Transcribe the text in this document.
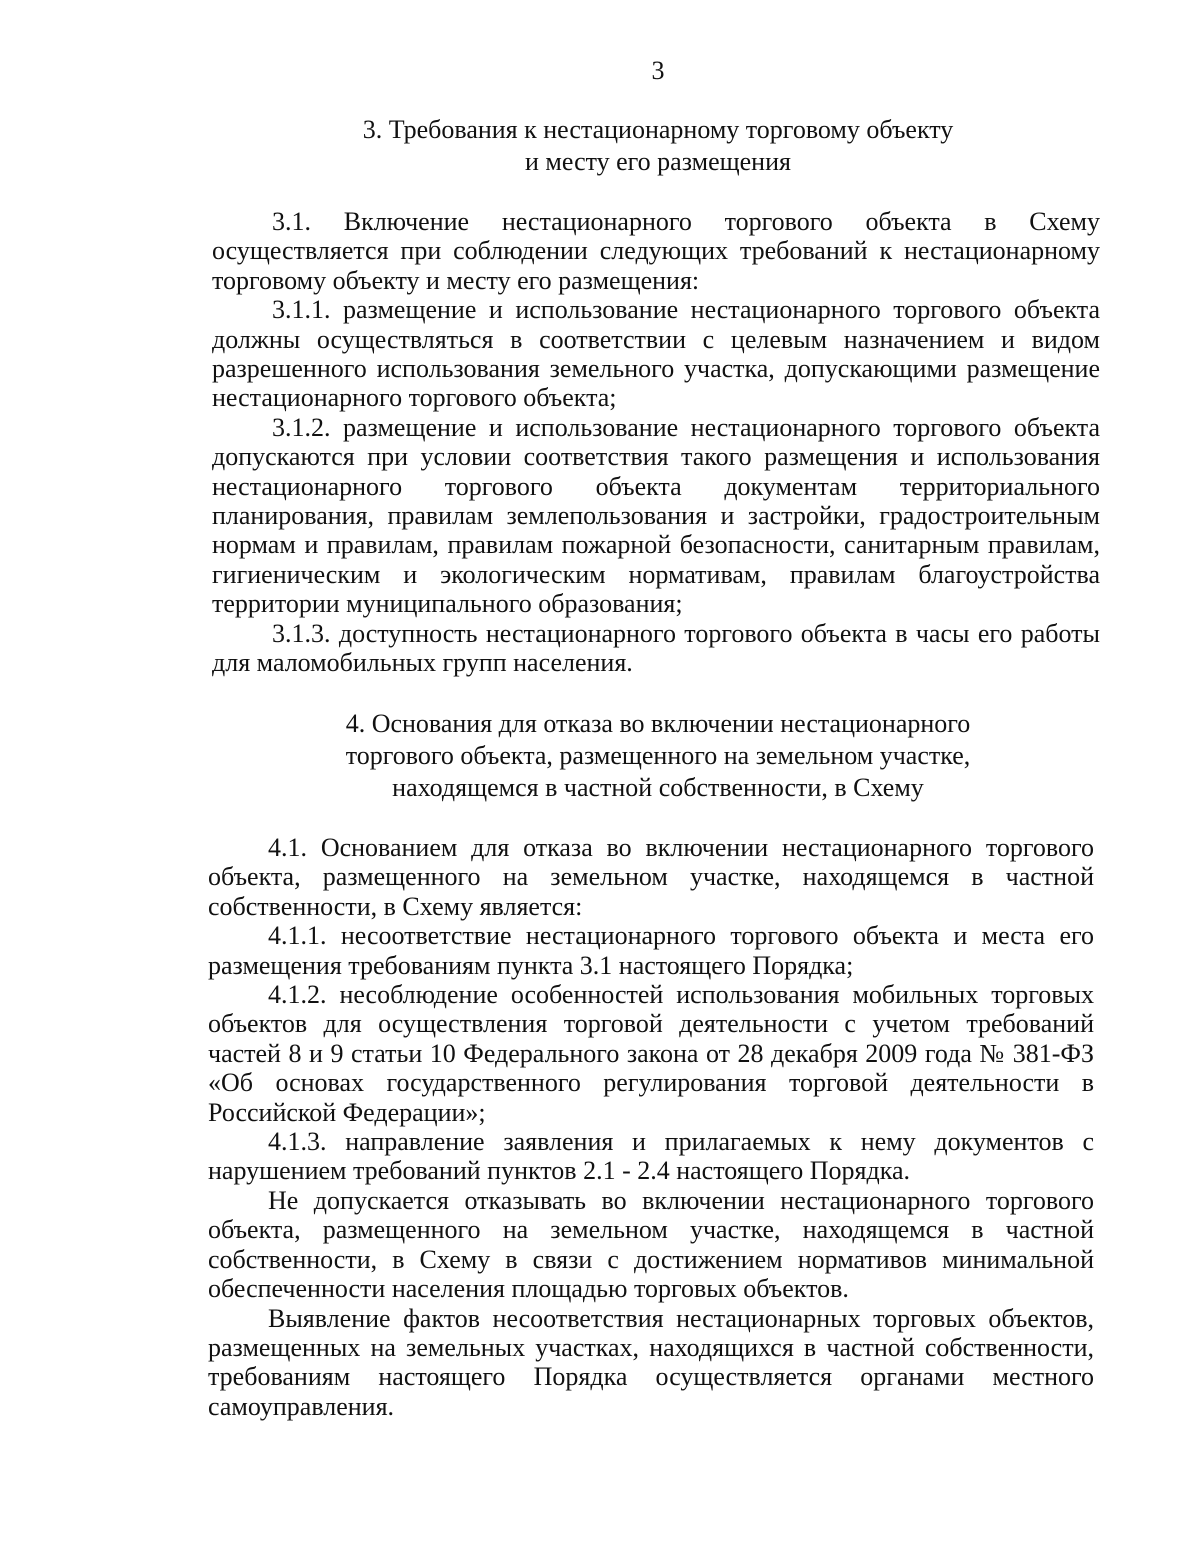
3
3. Требования к нестационарному торговому объекту
и месту его размещения

3.1. Включение нестационарного торгового объекта в Схему осуществляется при соблюдении следующих требований к нестационарному торговому объекту и месту его размещения:

3.1.1. размещение и использование нестационарного торгового объекта должны осуществляться в соответствии с целевым назначением и видом разрешенного использования земельного участка, допускающими размещение нестационарного торгового объекта;

3.1.2. размещение и использование нестационарного торгового объекта допускаются при условии соответствия такого размещения и использования нестационарного торгового объекта документам территориального планирования, правилам землепользования и застройки, градостроительным нормам и правилам, правилам пожарной безопасности, санитарным правилам, гигиеническим и экологическим нормативам, правилам благоустройства территории муниципального образования;

3.1.3. доступность нестационарного торгового объекта в часы его работы для маломобильных групп населения.

4. Основания для отказа во включении нестационарного
торгового объекта, размещенного на земельном участке,
находящемся в частной собственности, в Схему

4.1. Основанием для отказа во включении нестационарного торгового объекта, размещенного на земельном участке, находящемся в частной собственности, в Схему является:

4.1.1. несоответствие нестационарного торгового объекта и места его размещения требованиям пункта 3.1 настоящего Порядка;

4.1.2. несоблюдение особенностей использования мобильных торговых объектов для осуществления торговой деятельности с учетом требований частей 8 и 9 статьи 10 Федерального закона от 28 декабря 2009 года № 381-ФЗ «Об основах государственного регулирования торговой деятельности в Российской Федерации»;

4.1.3. направление заявления и прилагаемых к нему документов с нарушением требований пунктов 2.1 - 2.4 настоящего Порядка.

Не допускается отказывать во включении нестационарного торгового объекта, размещенного на земельном участке, находящемся в частной собственности, в Схему в связи с достижением нормативов минимальной обеспеченности населения площадью торговых объектов.

Выявление фактов несоответствия нестационарных торговых объектов, размещенных на земельных участках, находящихся в частной собственности, требованиям настоящего Порядка осуществляется органами местного самоуправления.
